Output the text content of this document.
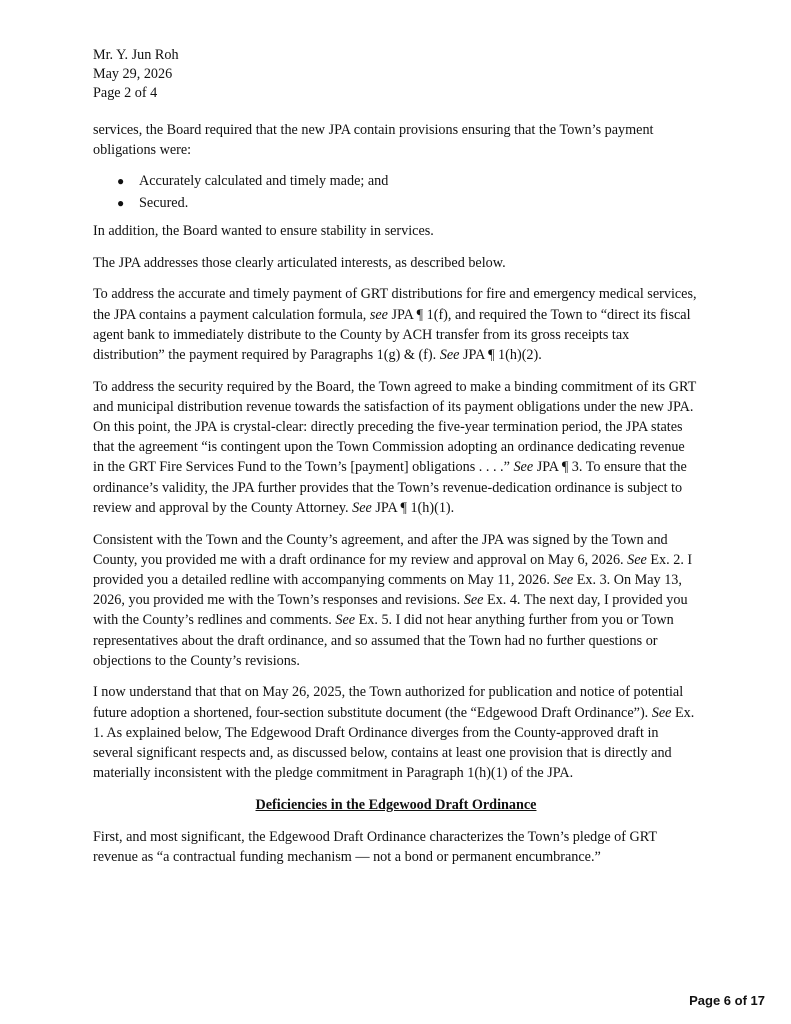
Mr. Y. Jun Roh
May 29, 2026
Page 2 of 4

services, the Board required that the new JPA contain provisions ensuring that the Town’s payment obligations were:

● Accurately calculated and timely made; and
● Secured.

In addition, the Board wanted to ensure stability in services.

The JPA addresses those clearly articulated interests, as described below.

To address the accurate and timely payment of GRT distributions for fire and emergency medical services, the JPA contains a payment calculation formula, see JPA ¶ 1(f), and required the Town to “direct its fiscal agent bank to immediately distribute to the County by ACH transfer from its gross receipts tax distribution” the payment required by Paragraphs 1(g) & (f). See JPA ¶ 1(h)(2).

To address the security required by the Board, the Town agreed to make a binding commitment of its GRT and municipal distribution revenue towards the satisfaction of its payment obligations under the new JPA. On this point, the JPA is crystal-clear: directly preceding the five-year termination period, the JPA states that the agreement “is contingent upon the Town Commission adopting an ordinance dedicating revenue in the GRT Fire Services Fund to the Town’s [payment] obligations . . . .” See JPA ¶ 3. To ensure that the ordinance’s validity, the JPA further provides that the Town’s revenue-dedication ordinance is subject to review and approval by the County Attorney. See JPA ¶ 1(h)(1).

Consistent with the Town and the County’s agreement, and after the JPA was signed by the Town and County, you provided me with a draft ordinance for my review and approval on May 6, 2026. See Ex. 2. I provided you a detailed redline with accompanying comments on May 11, 2026. See Ex. 3. On May 13, 2026, you provided me with the Town’s responses and revisions. See Ex. 4. The next day, I provided you with the County’s redlines and comments. See Ex. 5. I did not hear anything further from you or Town representatives about the draft ordinance, and so assumed that the Town had no further questions or objections to the County’s revisions.

I now understand that that on May 26, 2025, the Town authorized for publication and notice of potential future adoption a shortened, four-section substitute document (the “Edgewood Draft Ordinance”). See Ex. 1. As explained below, The Edgewood Draft Ordinance diverges from the County-approved draft in several significant respects and, as discussed below, contains at least one provision that is directly and materially inconsistent with the pledge commitment in Paragraph 1(h)(1) of the JPA.

Deficiencies in the Edgewood Draft Ordinance

First, and most significant, the Edgewood Draft Ordinance characterizes the Town’s pledge of GRT revenue as “a contractual funding mechanism — not a bond or permanent encumbrance.”

Page 6 of 17
